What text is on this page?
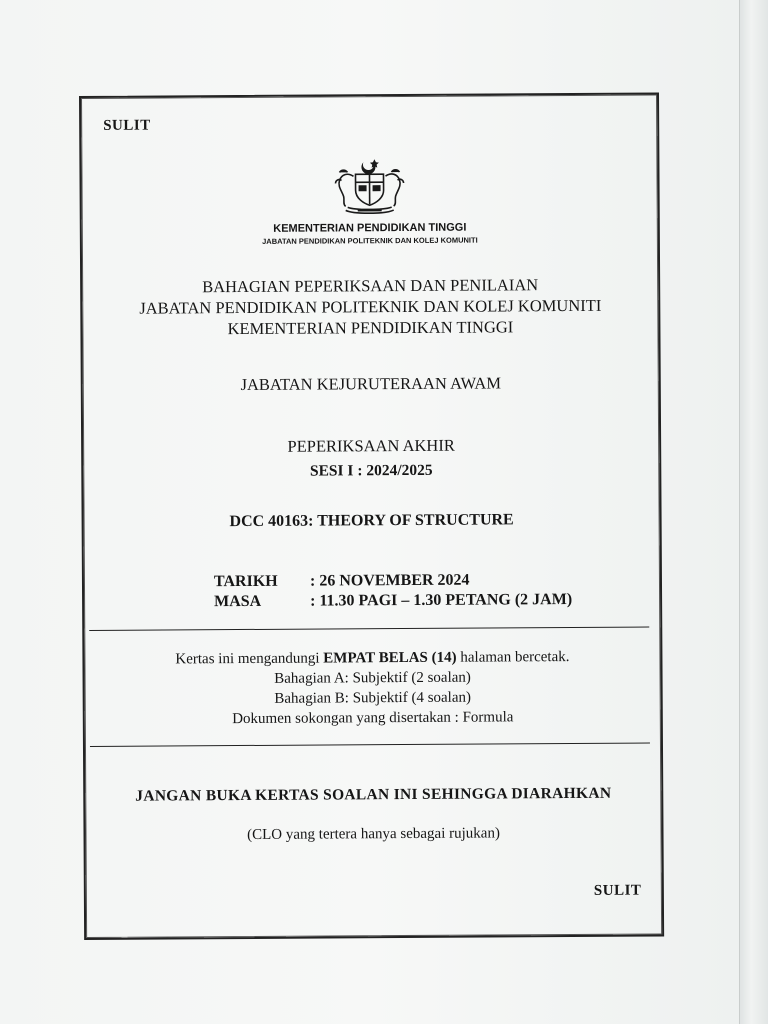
SULIT
KEMENTERIAN PENDIDIKAN TINGGI
JABATAN PENDIDIKAN POLITEKNIK DAN KOLEJ KOMUNITI
BAHAGIAN PEPERIKSAAN DAN PENILAIAN
JABATAN PENDIDIKAN POLITEKNIK DAN KOLEJ KOMUNITI
KEMENTERIAN PENDIDIKAN TINGGI
JABATAN KEJURUTERAAN AWAM
PEPERIKSAAN AKHIR
SESI I : 2024/2025
DCC 40163: THEORY OF STRUCTURE
TARIKH : 26 NOVEMBER 2024
MASA	: 11.30 PAGI – 1.30 PETANG (2 JAM)
Kertas ini mengandungi EMPAT BELAS (14) halaman bercetak.
Bahagian A: Subjektif (2 soalan)
Bahagian B: Subjektif (4 soalan)
Dokumen sokongan yang disertakan : Formula
JANGAN BUKA KERTAS SOALAN INI SEHINGGA DIARAHKAN
(CLO yang tertera hanya sebagai rujukan)
SULIT
